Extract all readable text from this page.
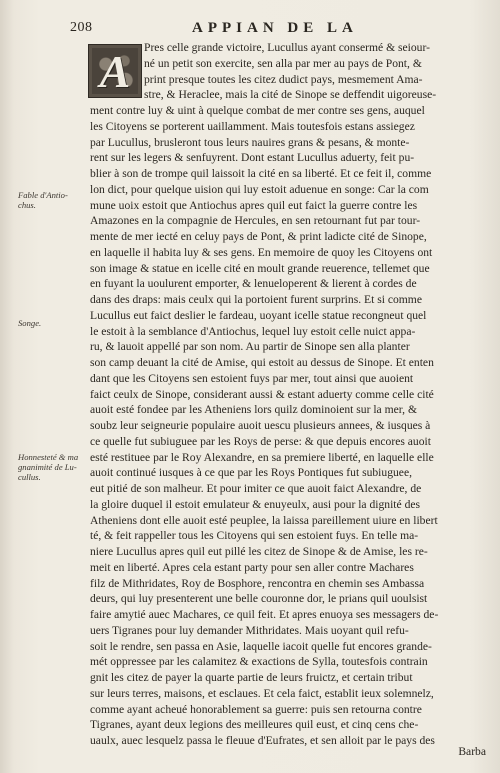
208	APPIAN DE LA
A	Pres celle grande victoire, Lucullus ayant consermé & seiour-
né un petit son exercite, sen alla par mer au pays de Pont, &
print presque toutes les citez dudict pays, mesmement Ama-
stre, & Heraclee, mais la cité de Sinope se deffendit uigoreuse-
ment contre luy & uint à quelque combat de mer contre ses gens, auquel
les Citoyens se porterent uaillamment. Mais toutesfois estans assiegez
par Lucullus, brusleront tous leurs nauires grans & pesans, & monte-
rent sur les legers & senfuyrent. Dont estant Lucullus aduerty, feit pu-
blier à son de trompe quil laissoit la cité en sa liberté. Et ce feit il, comme
lon dict, pour quelque uision qui luy estoit aduenue en songe: Car la com
mune uoix estoit que Antiochus apres quil eut faict la guerre contre les
Amazones en la compagnie de Hercules, en sen retournant fut par tour-
mente de mer iecté en celuy pays de Pont, & print ladicte cité de Sinope,
en laquelle il habita luy & ses gens. En memoire de quoy les Citoyens ont
son image & statue en icelle cité en moult grande reuerence, tellemet que
en fuyant la uoulurent emporter, & lenueloperent & lierent à cordes de
dans des draps: mais ceulx qui la portoient furent surprins. Et si comme
Lucullus eut faict deslier le fardeau, uoyant icelle statue recongneut quel
le estoit à la semblance d'Antiochus, lequel luy estoit celle nuict appa-
ru, & lauoit appellé par son nom. Au partir de Sinope sen alla planter
son camp deuant la cité de Amise, qui estoit au dessus de Sinope. Et enten
dant que les Citoyens sen estoient fuys par mer, tout ainsi que auoient
faict ceulx de Sinope, considerant aussi & estant aduerty comme celle cité
auoit esté fondee par les Atheniens lors quilz dominoient sur la mer, &
soubz leur seigneurie populaire auoit uescu plusieurs annees, & iusques à
ce quelle fut subiuguee par les Roys de perse: & que depuis encores auoit
esté restituee par le Roy Alexandre, en sa premiere liberté, en laquelle elle
auoit continué iusques à ce que par les Roys Pontiques fut subiuguee,
eut pitié de son malheur. Et pour imiter ce que auoit faict Alexandre, de
la gloire duquel il estoit emulateur & enuyeulx, ausi pour la dignité des
Atheniens dont elle auoit esté peuplee, la laissa pareillement uiure en libert
té, & feit rappeller tous les Citoyens qui sen estoient fuys. En telle ma-
niere Lucullus apres quil eut pillé les citez de Sinope & de Amise, les re-
meit en liberté. Apres cela estant party pour sen aller contre Machares
filz de Mithridates, Roy de Bosphore, rencontra en chemin ses Ambassa
deurs, qui luy presenterent une belle couronne dor, le prians quil uoulsist
faire amytié auec Machares, ce quil feit. Et apres enuoya ses messagers de-
uers Tigranes pour luy demander Mithridates. Mais uoyant quil refu-
soit le rendre, sen passa en Asie, laquelle iacoit quelle fut encores grande-
mét oppressee par les calamitez & exactions de Sylla, toutesfois contrain
gnit les citez de payer la quarte partie de leurs fruictz, et certain tribut
sur leurs terres, maisons, et esclaues. Et cela faict, establit ieux solemnelz,
comme ayant acheué honorablement sa guerre: puis sen retourna contre
Tigranes, ayant deux legions des meilleures quil eust, et cinq cens che-
uaulx, auec lesquelz passa le fleuue d'Eufrates, et sen alloit par le pays des
Fable d'Antio-
chus.
Songe.
Honnesteté & ma
gnanimité de Lu-
cullus.
Barba
